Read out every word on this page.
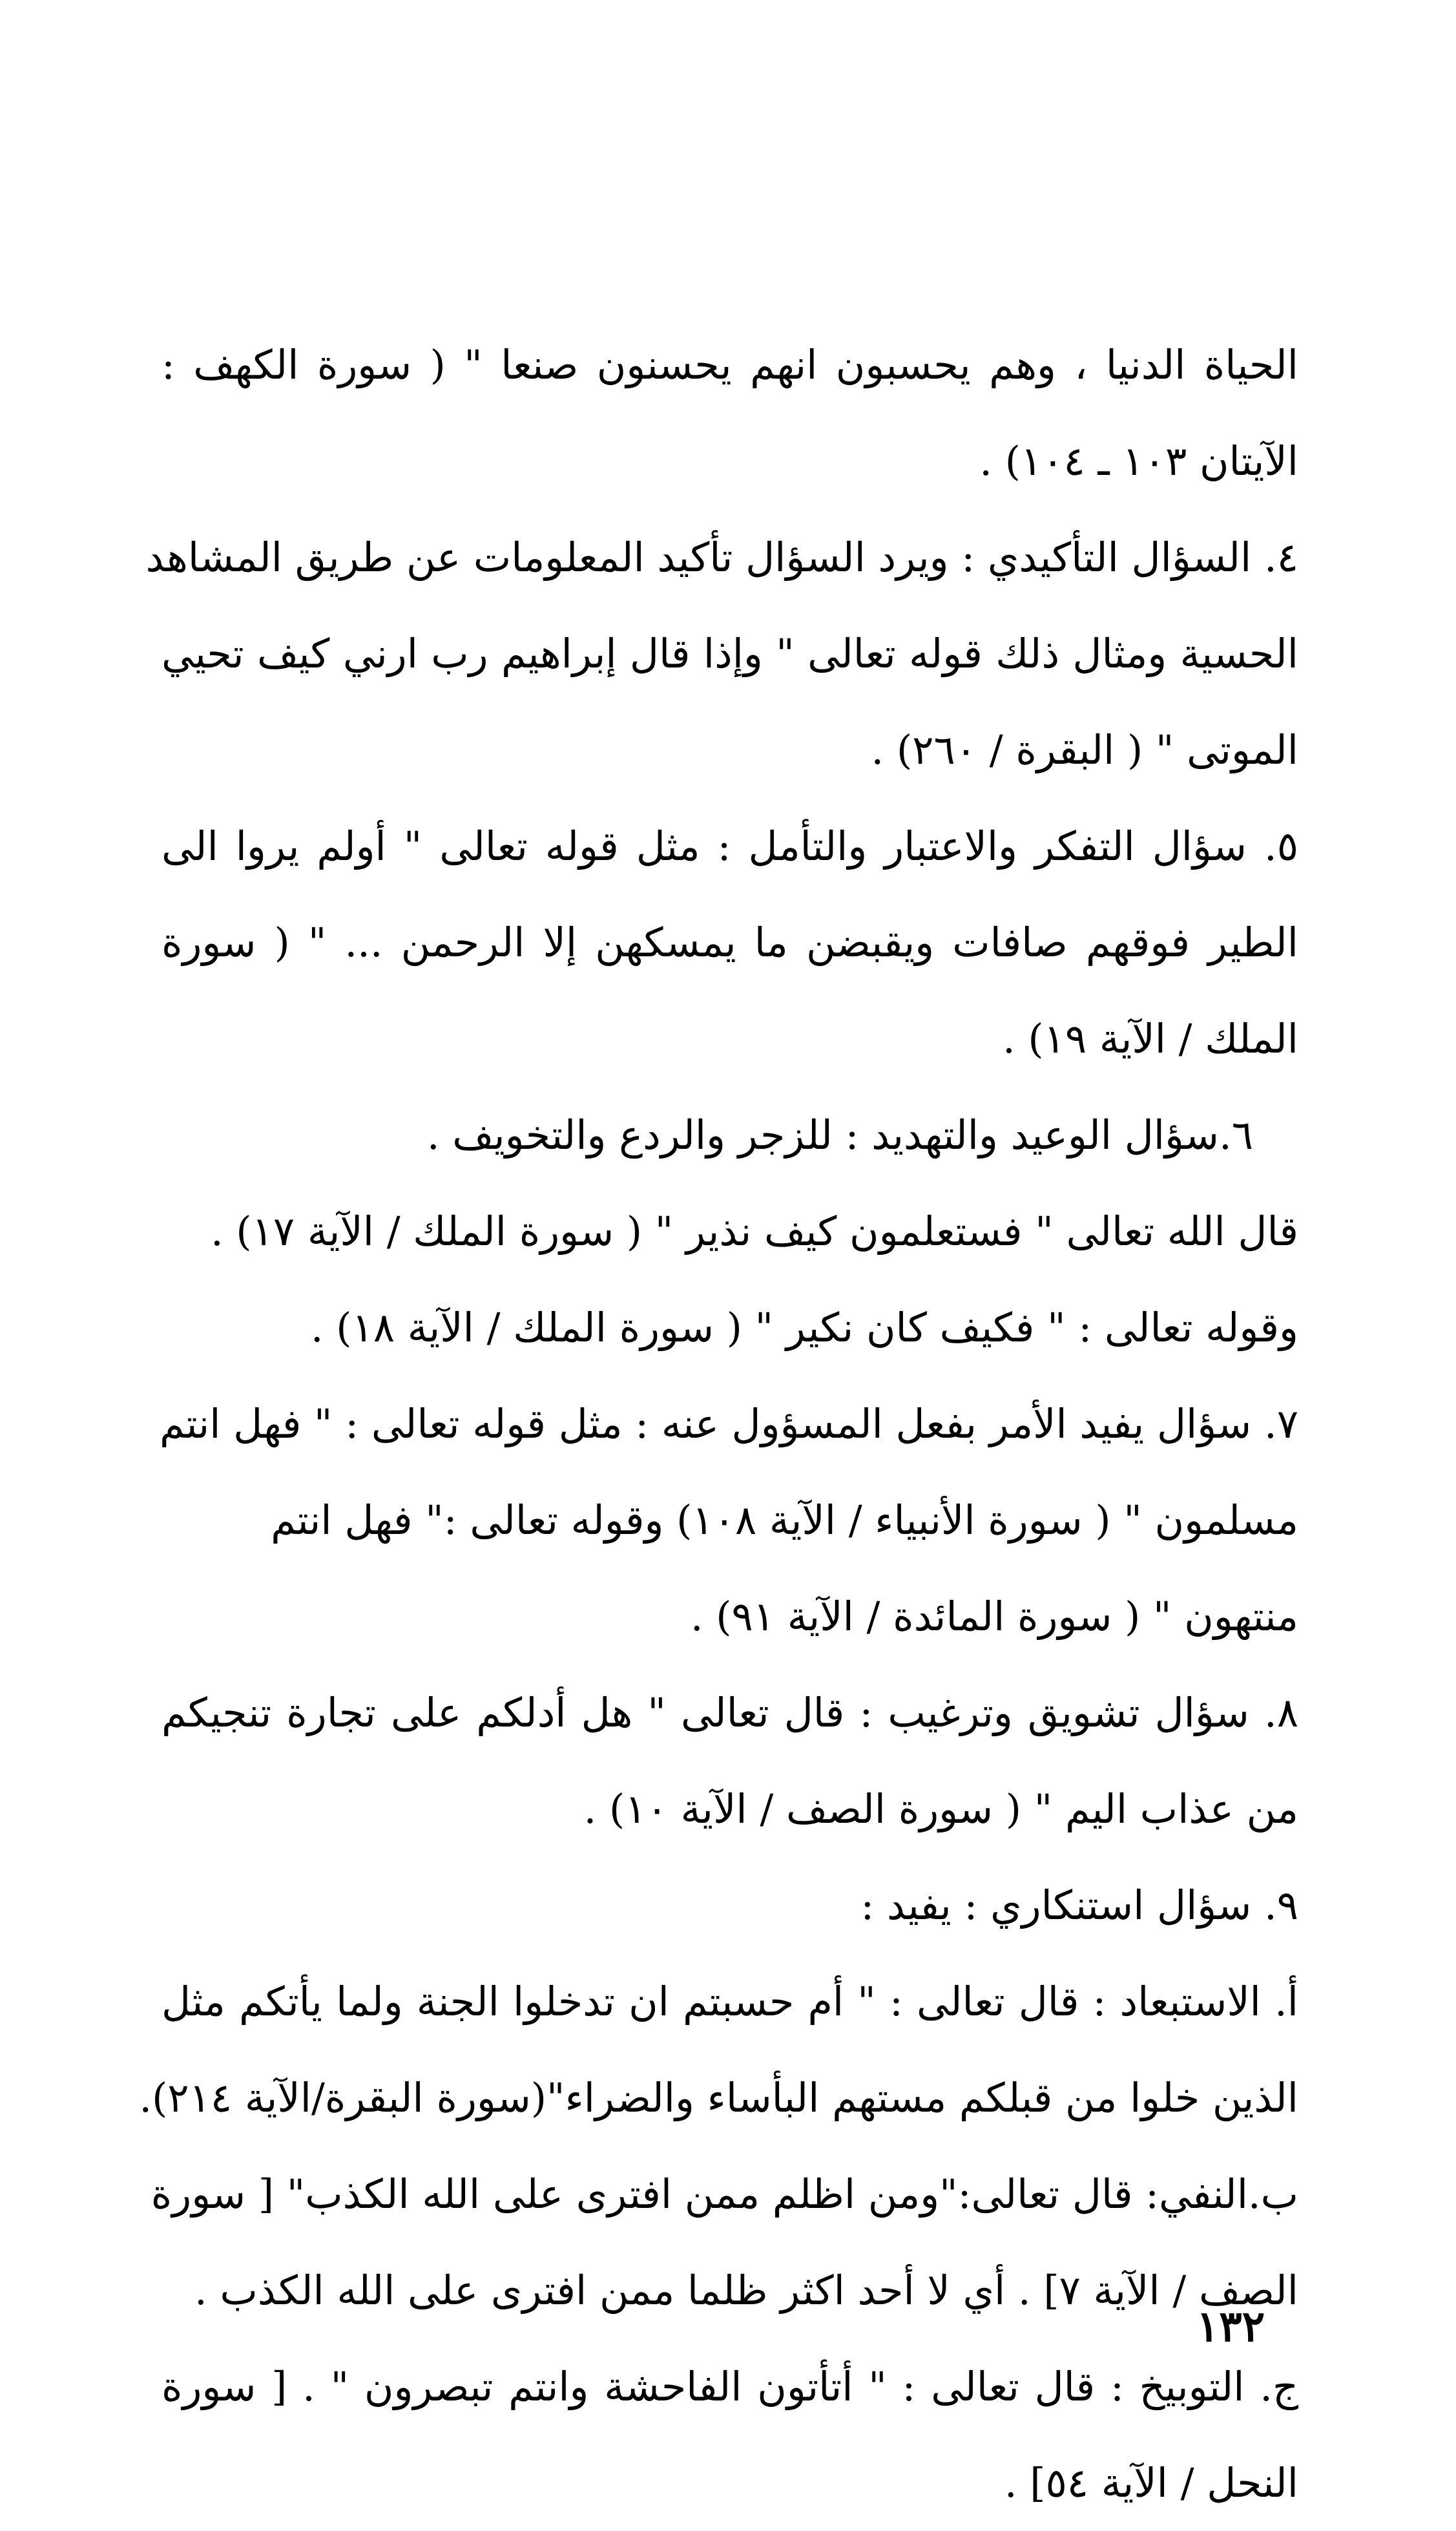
الحياة الدنيا ، وهم يحسبون انهم يحسنون صنعا " ( سورة الكهف :
الآيتان ١٠٣ ـ ١٠٤) .
٤. السؤال التأكيدي : ويرد السؤال تأكيد المعلومات عن طريق المشاهد
الحسية ومثال ذلك قوله تعالى " وإذا قال إبراهيم رب ارني كيف تحيي
الموتى " ( البقرة / ٢٦٠) .
٥. سؤال التفكر والاعتبار والتأمل : مثل قوله تعالى " أولم يروا الى
الطير فوقهم صافات ويقبضن ما يمسكهن إلا الرحمن ... " ( سورة
الملك / الآية ١٩) .
٦.سؤال الوعيد والتهديد : للزجر والردع والتخويف .
قال الله تعالى " فستعلمون كيف نذير " ( سورة الملك / الآية ١٧) .
وقوله تعالى : " فكيف كان نكير " ( سورة الملك / الآية ١٨) .
٧. سؤال يفيد الأمر بفعل المسؤول عنه : مثل قوله تعالى : " فهل انتم
مسلمون " ( سورة الأنبياء / الآية ١٠٨) وقوله تعالى :" فهل انتم
منتهون " ( سورة المائدة / الآية ٩١) .
٨. سؤال تشويق وترغيب : قال تعالى " هل أدلكم على تجارة تنجيكم
من عذاب اليم " ( سورة الصف / الآية ١٠) .
٩. سؤال استنكاري : يفيد :
أ. الاستبعاد : قال تعالى : " أم حسبتم ان تدخلوا الجنة ولما يأتكم مثل
الذين خلوا من قبلكم مستهم البأساء والضراء"(سورة البقرة/الآية ٢١٤).
ب.النفي: قال تعالى:"ومن اظلم ممن افترى على الله الكذب" [ سورة
الصف / الآية ٧] . أي لا أحد اكثر ظلما ممن افترى على الله الكذب .
ج. التوبيخ : قال تعالى : " أتأتون الفاحشة وانتم تبصرون " . [ سورة
النحل / الآية ٥٤] .
١٣٢
